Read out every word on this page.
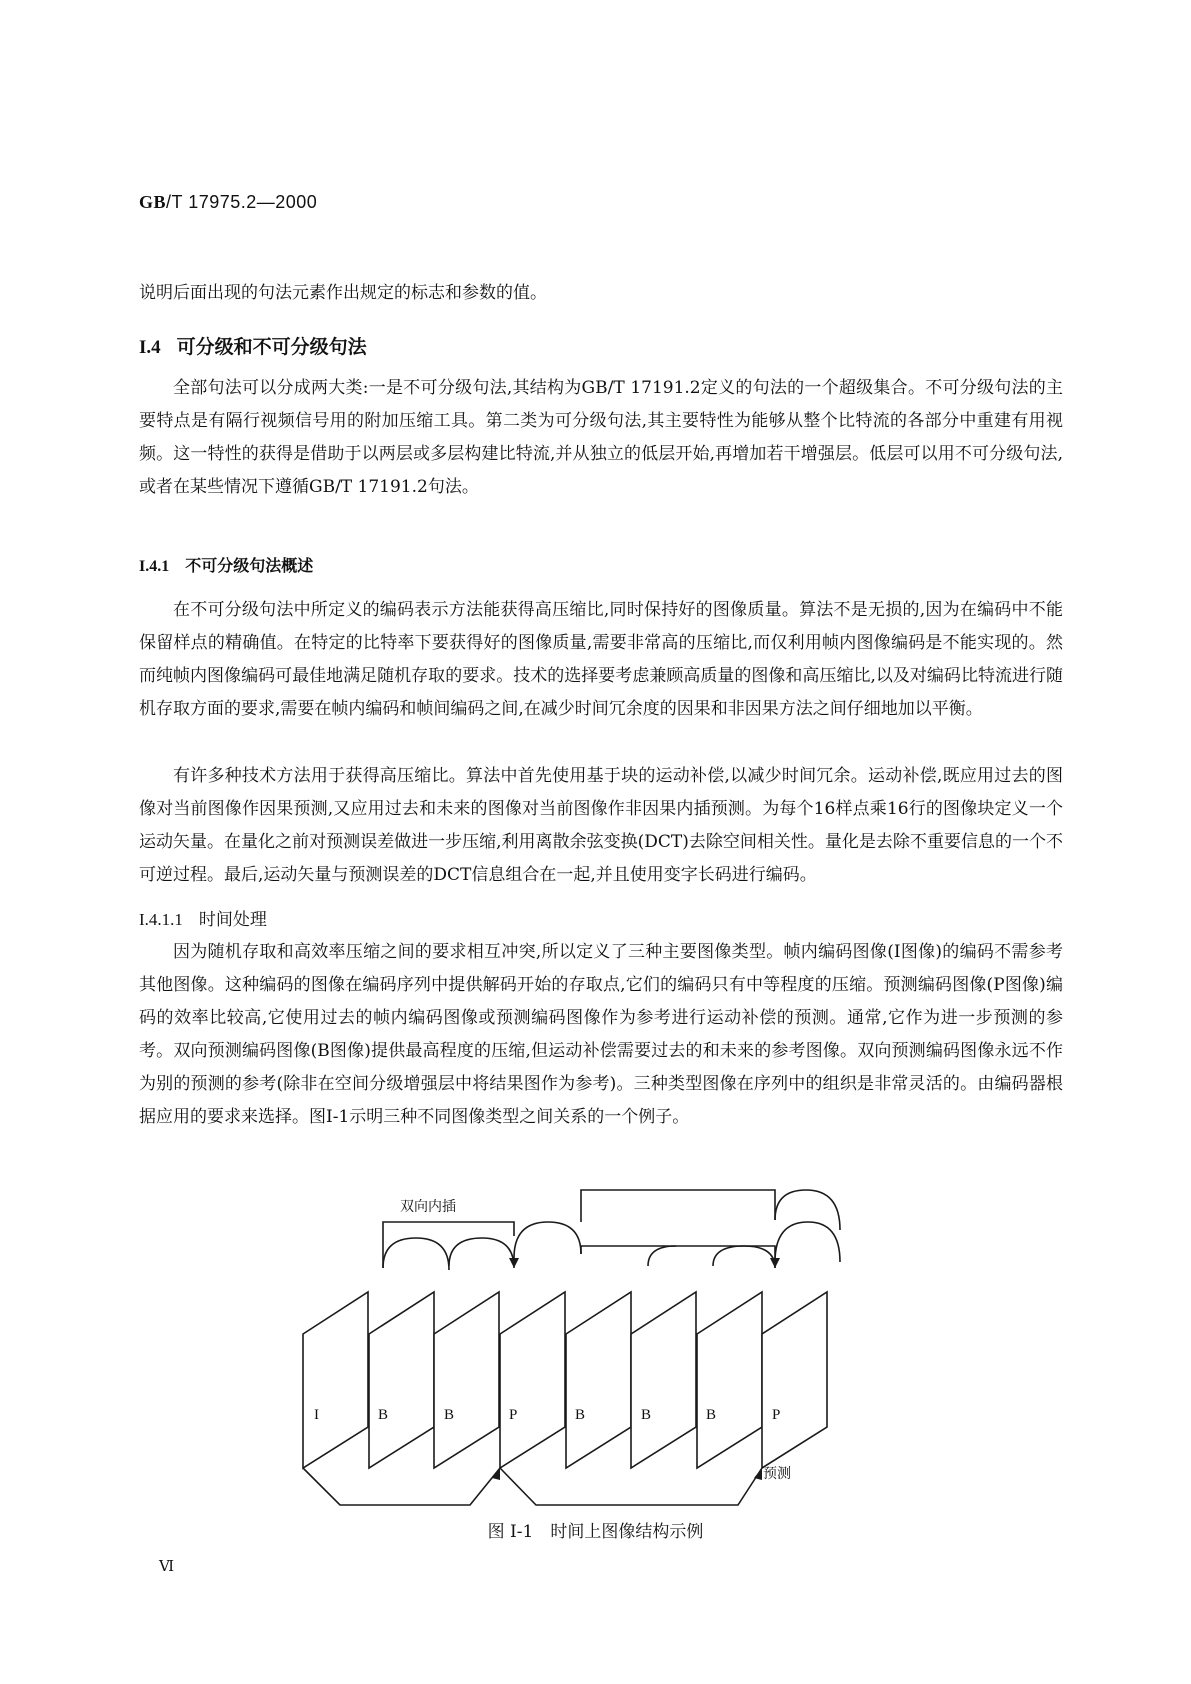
GB/T 17975.2—2000
说明后面出现的句法元素作出规定的标志和参数的值。
I.4 可分级和不可分级句法

全部句法可以分成两大类:一是不可分级句法,其结构为GB/T 17191.2定义的句法的一个超级集合。不可分级句法的主要特点是有隔行视频信号用的附加压缩工具。第二类为可分级句法,其主要特性为能够从整个比特流的各部分中重建有用视频。这一特性的获得是借助于以两层或多层构建比特流,并从独立的低层开始,再增加若干增强层。低层可以用不可分级句法,或者在某些情况下遵循GB/T 17191.2句法。

I.4.1 不可分级句法概述

在不可分级句法中所定义的编码表示方法能获得高压缩比,同时保持好的图像质量。算法不是无损的,因为在编码中不能保留样点的精确值。在特定的比特率下要获得好的图像质量,需要非常高的压缩比,而仅利用帧内图像编码是不能实现的。然而纯帧内图像编码可最佳地满足随机存取的要求。技术的选择要考虑兼顾高质量的图像和高压缩比,以及对编码比特流进行随机存取方面的要求,需要在帧内编码和帧间编码之间,在减少时间冗余度的因果和非因果方法之间仔细地加以平衡。

有许多种技术方法用于获得高压缩比。算法中首先使用基于块的运动补偿,以减少时间冗余。运动补偿,既应用过去的图像对当前图像作因果预测,又应用过去和未来的图像对当前图像作非因果内插预测。为每个16样点乘16行的图像块定义一个运动矢量。在量化之前对预测误差做进一步压缩,利用离散余弦变换(DCT)去除空间相关性。量化是去除不重要信息的一个不可逆过程。最后,运动矢量与预测误差的DCT信息组合在一起,并且使用变字长码进行编码。

I.4.1.1 时间处理

因为随机存取和高效率压缩之间的要求相互冲突,所以定义了三种主要图像类型。帧内编码图像(I图像)的编码不需参考其他图像。这种编码的图像在编码序列中提供解码开始的存取点,它们的编码只有中等程度的压缩。预测编码图像(P图像)编码的效率比较高,它使用过去的帧内编码图像或预测编码图像作为参考进行运动补偿的预测。通常,它作为进一步预测的参考。双向预测编码图像(B图像)提供最高程度的压缩,但运动补偿需要过去的和未来的参考图像。双向预测编码图像永远不作为别的预测的参考(除非在空间分级增强层中将结果图作为参考)。三种类型图像在序列中的组织是非常灵活的。由编码器根据应用的要求来选择。图I-1示明三种不同图像类型之间关系的一个例子。

双向内插
预测
I	B	B	P	B	B	B	P
图 I-1　时间上图像结构示例
Ⅵ
